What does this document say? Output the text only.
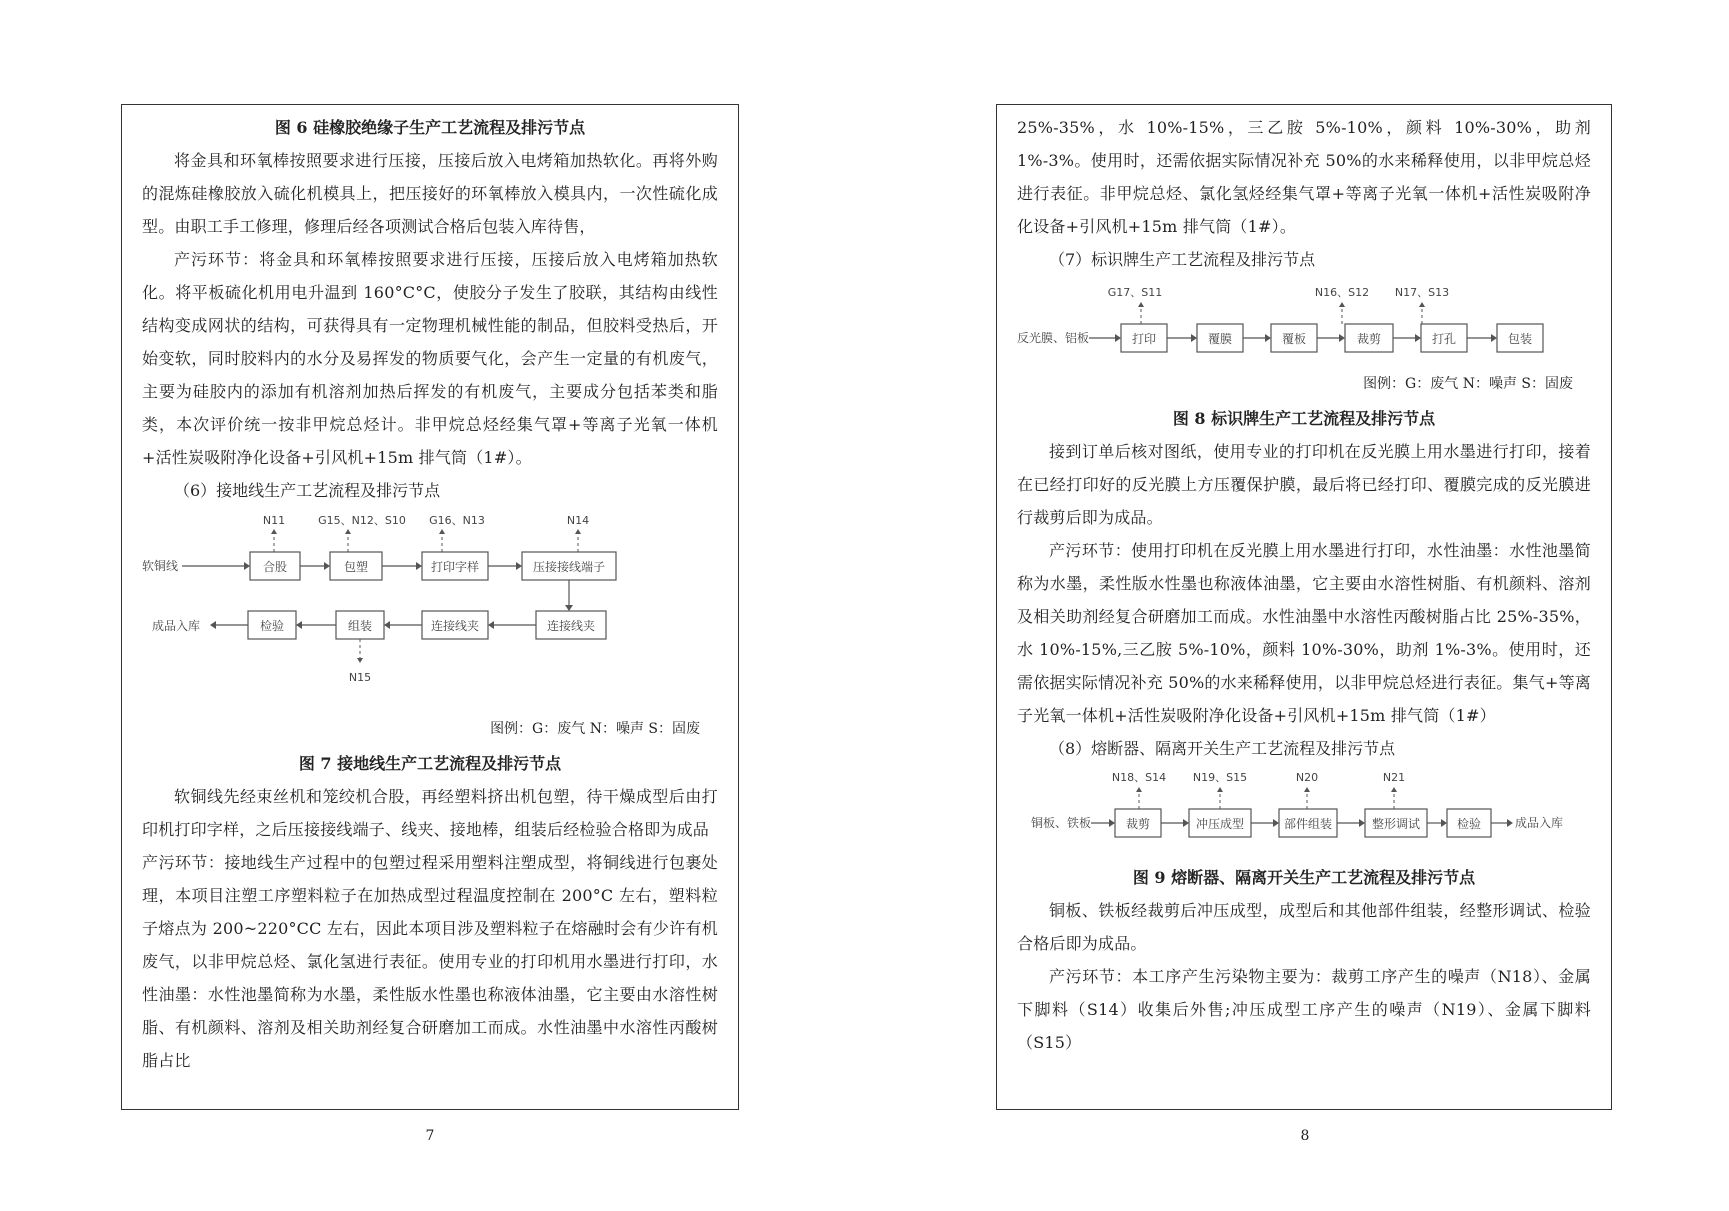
图 6 硅橡胶绝缘子生产工艺流程及排污节点

将金具和环氧棒按照要求进行压接，压接后放入电烤箱加热软化。再将外购的混炼硅橡胶放入硫化机模具上，把压接好的环氧棒放入模具内，一次性硫化成型。由职工手工修理，修理后经各项测试合格后包装入库待售，

产污环节：将金具和环氧棒按照要求进行压接，压接后放入电烤箱加热软化。将平板硫化机用电升温到 160°C°C，使胶分子发生了胶联，其结构由线性结构变成网状的结构，可获得具有一定物理机械性能的制品，但胶料受热后，开始变软，同时胶料内的水分及易挥发的物质要气化，会产生一定量的有机废气，主要为硅胶内的添加有机溶剂加热后挥发的有机废气，主要成分包括苯类和脂类，本次评价统一按非甲烷总烃计。非甲烷总烃经集气罩+等离子光氧一体机+活性炭吸附净化设备+引风机+15m 排气筒（1#）。

（6）接地线生产工艺流程及排污节点

N11	G15、N12、S10 G16、N13	N14
软铜线	合股	包塑	打印字样	压接接线端子
连接线夹
连接线夹
组装
检验
成品入库
N15

图例：G：废气 N：噪声 S：固废

图 7 接地线生产工艺流程及排污节点

软铜线先经束丝机和笼绞机合股，再经塑料挤出机包塑，待干燥成型后由打印机打印字样，之后压接接线端子、线夹、接地棒，组装后经检验合格即为成品

产污环节：接地线生产过程中的包塑过程采用塑料注塑成型，将铜线进行包裹处理，本项目注塑工序塑料粒子在加热成型过程温度控制在 200°C 左右，塑料粒子熔点为 200~220°CC 左右，因此本项目涉及塑料粒子在熔融时会有少许有机废气，以非甲烷总烃、氯化氢进行表征。使用专业的打印机用水墨进行打印，水性油墨：水性池墨简称为水墨，柔性版水性墨也称液体油墨，它主要由水溶性树脂、有机颜料、溶剂及相关助剂经复合研磨加工而成。水性油墨中水溶性丙酸树脂占比

7

25%-35%，水 10%-15%，三乙胺 5%-10%，颜料 10%-30%，助剂 1%-3%。使用时，还需依据实际情况补充 50%的水来稀释使用，以非甲烷总烃进行表征。非甲烷总烃、氯化氢烃经集气罩+等离子光氧一体机+活性炭吸附净化设备+引风机+15m 排气筒（1#）。

（7）标识牌生产工艺流程及排污节点

G17、S11	N16、S12 N17、S13
反光膜、铝板	打印	覆膜	覆板	裁剪	打孔	包装

图例：G：废气 N：噪声 S：固废

图 8 标识牌生产工艺流程及排污节点

接到订单后核对图纸，使用专业的打印机在反光膜上用水墨进行打印，接着在已经打印好的反光膜上方压覆保护膜，最后将已经打印、覆膜完成的反光膜进行裁剪后即为成品。

产污环节：使用打印机在反光膜上用水墨进行打印，水性油墨：水性池墨简称为水墨，柔性版水性墨也称液体油墨，它主要由水溶性树脂、有机颜料、溶剂及相关助剂经复合研磨加工而成。水性油墨中水溶性丙酸树脂占比 25%-35%，水 10%-15%,三乙胺 5%-10%，颜料 10%-30%，助剂 1%-3%。使用时，还需依据实际情况补充 50%的水来稀释使用，以非甲烷总烃进行表征。集气+等离子光氧一体机+活性炭吸附净化设备+引风机+15m 排气筒（1#）

（8）熔断器、隔离开关生产工艺流程及排污节点

N18、S14 N19、S15	N20	N21
铜板、铁板	裁剪	冲压成型	部件组装	整形调试	检验	成品入库

图 9 熔断器、隔离开关生产工艺流程及排污节点

铜板、铁板经裁剪后冲压成型，成型后和其他部件组装，经整形调试、检验合格后即为成品。

产污环节：本工序产生污染物主要为：裁剪工序产生的噪声（N18）、金属下脚料（S14）收集后外售;冲压成型工序产生的噪声（N19）、金属下脚料（S15）

8
